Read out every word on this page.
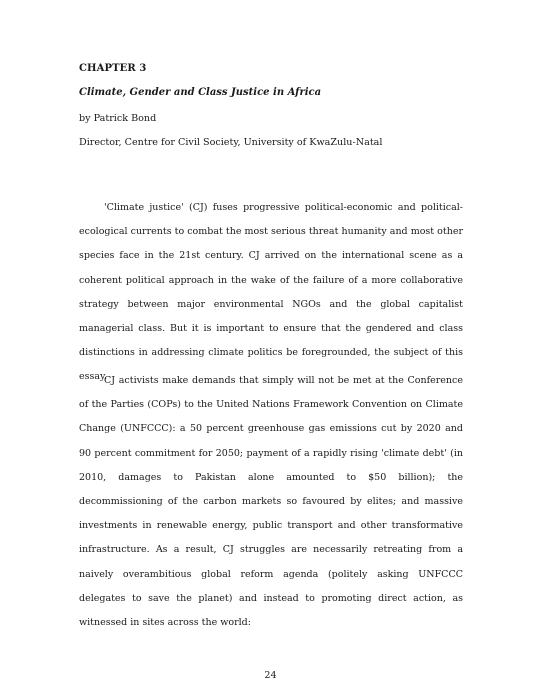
CHAPTER 3
Climate, Gender and Class Justice in Africa
by Patrick Bond
Director, Centre for Civil Society, University of KwaZulu-Natal

'Climate justice' (CJ) fuses progressive political-economic and political-ecological currents to combat the most serious threat humanity and most other species face in the 21st century. CJ arrived on the international scene as a coherent political approach in the wake of the failure of a more collaborative strategy between major environmental NGOs and the global capitalist managerial class. But it is important to ensure that the gendered and class distinctions in addressing climate politics be foregrounded, the subject of this essay.

CJ activists make demands that simply will not be met at the Conference of the Parties (COPs) to the United Nations Framework Convention on Climate Change (UNFCCC): a 50 percent greenhouse gas emissions cut by 2020 and 90 percent commitment for 2050; payment of a rapidly rising 'climate debt' (in 2010, damages to Pakistan alone amounted to $50 billion); the decommissioning of the carbon markets so favoured by elites; and massive investments in renewable energy, public transport and other transformative infrastructure. As a result, CJ struggles are necessarily retreating from a naively overambitious global reform agenda (politely asking UNFCCC delegates to save the planet) and instead to promoting direct action, as witnessed in sites across the world:

24
